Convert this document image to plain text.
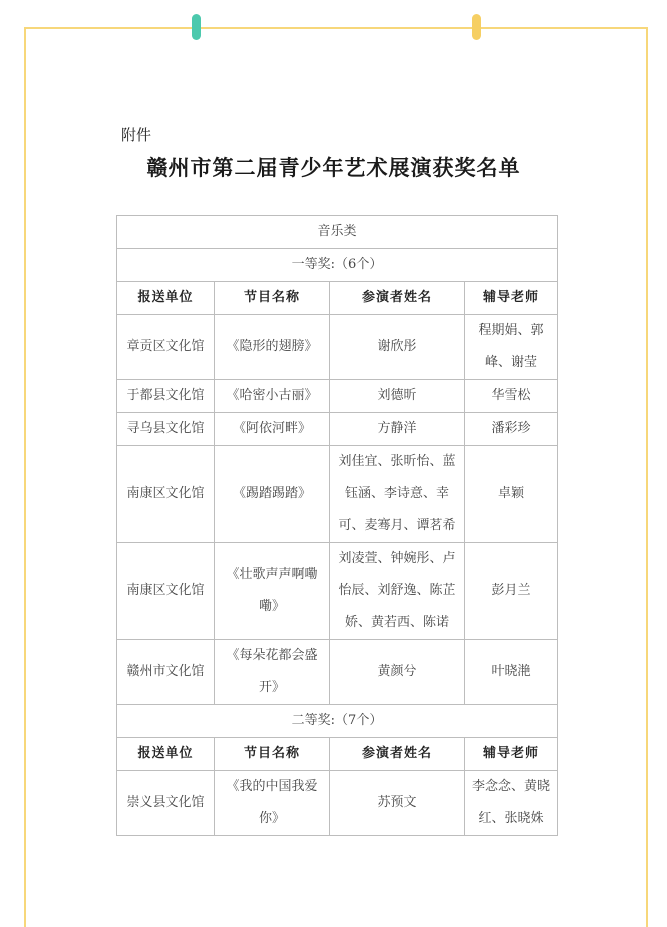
附件
赣州市第二届青少年艺术展演获奖名单
音乐类			
一等奖:（6个）			
报送单位	节目名称	参演者姓名	辅导老师
章贡区文化馆	《隐形的翅膀》	谢欣彤	程期娟、郭峰、谢莹
于都县文化馆	《哈密小古丽》	刘德昕	华雪松
寻乌县文化馆	《阿依河畔》	方静洋	潘彩珍
南康区文化馆	《踢踏踢踏》	刘佳宜、张昕怡、蓝钰涵、李诗意、幸可、麦骞月、谭茗希	卓颖
南康区文化馆	《壮歌声声啊嘞嘞》	刘凌萱、钟婉彤、卢怡辰、刘舒逸、陈芷娇、黄若西、陈诺	彭月兰
赣州市文化馆	《每朵花都会盛开》	黄颜兮	叶晓滟
二等奖:（7个）			
报送单位	节目名称	参演者姓名	辅导老师
崇义县文化馆	《我的中国我爱你》	苏预文	李念念、黄晓红、张晓姝
